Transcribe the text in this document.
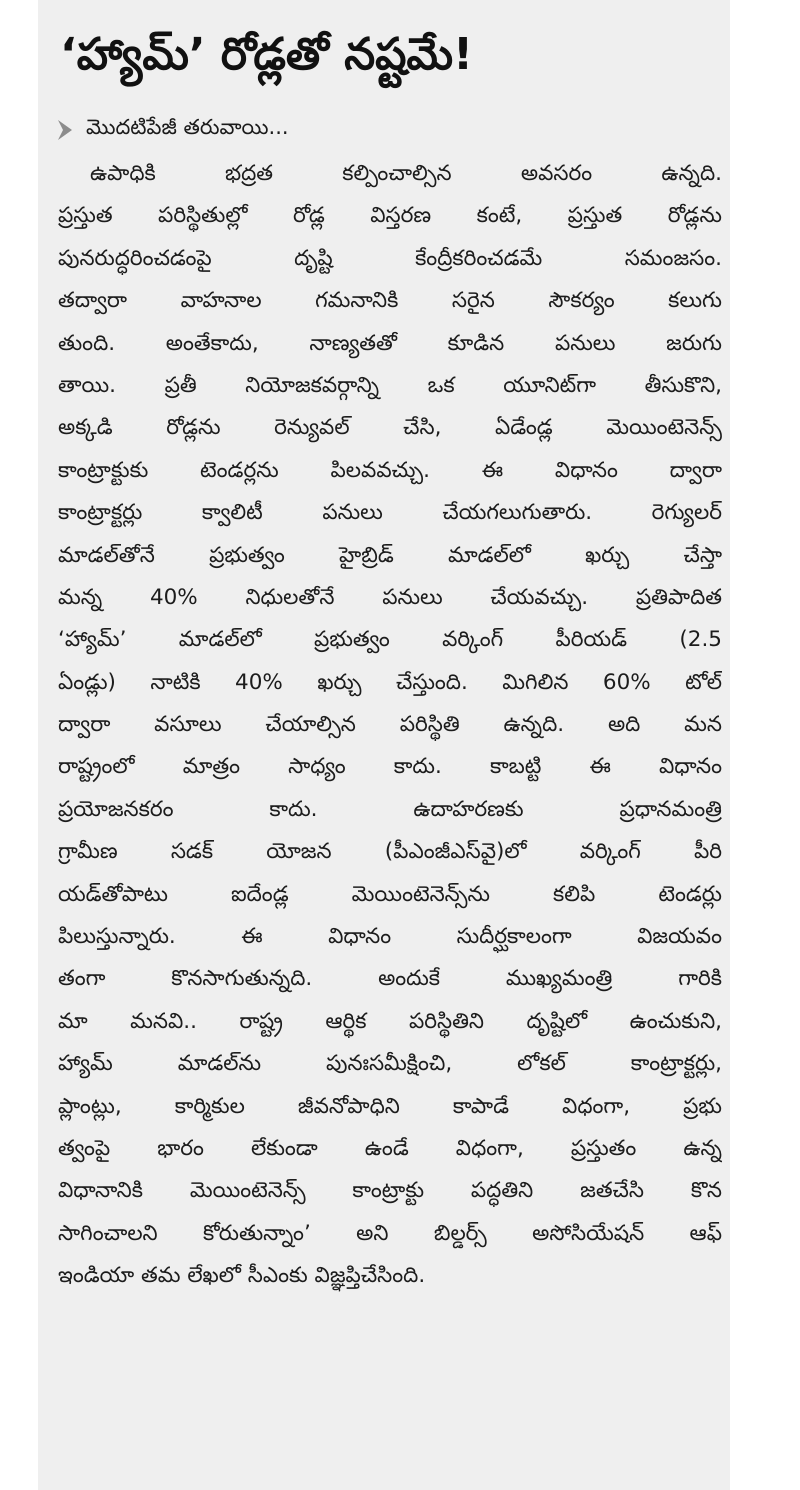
‘హ్యామ్’ రోడ్లతో నష్టమే!
మొదటిపేజీ తరువాయి...
ఉపాధికి భద్రత కల్పించాల్సిన అవసరం ఉన్నది.
ప్రస్తుత పరిస్థితుల్లో రోడ్ల విస్తరణ కంటే, ప్రస్తుత రోడ్లను
పునరుద్ధరించడంపై దృష్టి కేంద్రీకరించడమే సమంజసం.
తద్వారా వాహనాల గమనానికి సరైన సౌకర్యం కలుగు
తుంది. అంతేకాదు, నాణ్యతతో కూడిన పనులు జరుగు
తాయి. ప్రతీ నియోజకవర్గాన్ని ఒక యూనిట్‌గా తీసుకొని,
అక్కడి రోడ్లను రెన్యువల్ చేసి, ఏడేండ్ల మెయింటెనెన్స్
కాంట్రాక్టుకు టెండర్లను పిలవవచ్చు. ఈ విధానం ద్వారా
కాంట్రాక్టర్లు క్వాలిటీ పనులు చేయగలుగుతారు. రెగ్యులర్
మాడల్‌తోనే ప్రభుత్వం హైబ్రిడ్ మాడల్‌లో ఖర్చు చేస్తా
మన్న 40% నిధులతోనే పనులు చేయవచ్చు. ప్రతిపాదిత
‘హ్యామ్’ మాడల్‌లో ప్రభుత్వం వర్కింగ్ పీరియడ్ (2.5
ఏండ్లు) నాటికి 40% ఖర్చు చేస్తుంది. మిగిలిన 60% టోల్
ద్వారా వసూలు చేయాల్సిన పరిస్థితి ఉన్నది. అది మన
రాష్ట్రంలో మాత్రం సాధ్యం కాదు. కాబట్టి ఈ విధానం
ప్రయోజనకరం కాదు. ఉదాహరణకు ప్రధానమంత్రి
గ్రామీణ సడక్ యోజన (పీఎంజీఎస్‌వై)లో వర్కింగ్ పీరి
యడ్‌తోపాటు ఐదేండ్ల మెయింటెనెన్స్‌ను కలిపి టెండర్లు
పిలుస్తున్నారు. ఈ విధానం సుదీర్ఘకాలంగా విజయవం
తంగా కొనసాగుతున్నది. అందుకే ముఖ్యమంత్రి గారికి
మా మనవి.. రాష్ట్ర ఆర్థిక పరిస్థితిని దృష్టిలో ఉంచుకుని,
హ్యామ్ మాడల్‌ను పునఃసమీక్షించి, లోకల్ కాంట్రాక్టర్లు,
ప్లాంట్లు, కార్మికుల జీవనోపాధిని కాపాడే విధంగా, ప్రభు
త్వంపై భారం లేకుండా ఉండే విధంగా, ప్రస్తుతం ఉన్న
విధానానికి మెయింటెనెన్స్ కాంట్రాక్టు పద్ధతిని జతచేసి కొన
సాగించాలని కోరుతున్నాం’ అని బిల్డర్స్ అసోసియేషన్ ఆఫ్
ఇండియా తమ లేఖలో సీఎంకు విజ్ఞప్తిచేసింది.
